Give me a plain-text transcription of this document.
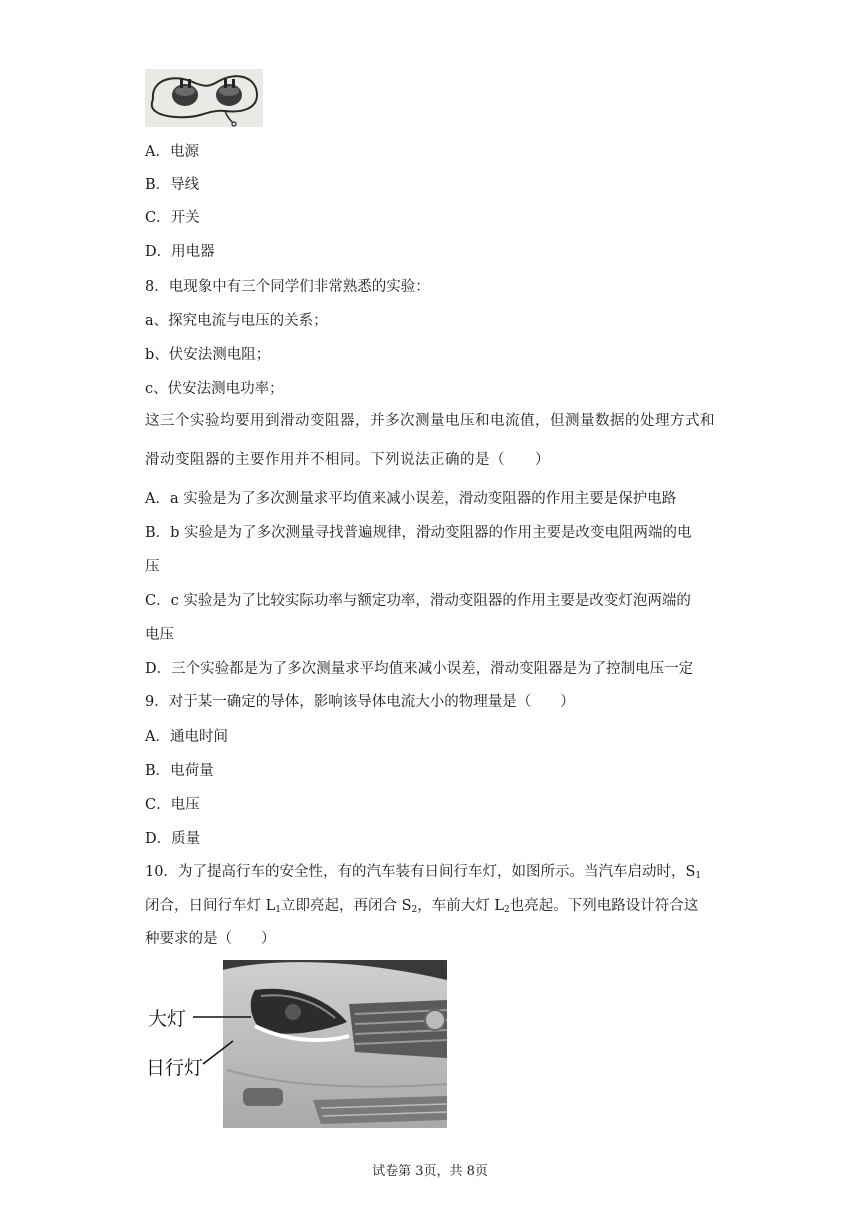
A．电源
B．导线
C．开关
D．用电器
8．电现象中有三个同学们非常熟悉的实验：
a、探究电流与电压的关系；
b、伏安法测电阻；
c、伏安法测电功率；
这三个实验均要用到滑动变阻器，并多次测量电压和电流值，但测量数据的处理方式和
滑动变阻器的主要作用并不相同。下列说法正确的是（　　）
A．a 实验是为了多次测量求平均值来减小误差，滑动变阻器的作用主要是保护电路
B．b 实验是为了多次测量寻找普遍规律，滑动变阻器的作用主要是改变电阻两端的电
压
C．c 实验是为了比较实际功率与额定功率，滑动变阻器的作用主要是改变灯泡两端的
电压
D．三个实验都是为了多次测量求平均值来减小误差，滑动变阻器是为了控制电压一定
9．对于某一确定的导体，影响该导体电流大小的物理量是（　　）
A．通电时间
B．电荷量
C．电压
D．质量
10．为了提高行车的安全性，有的汽车装有日间行车灯，如图所示。当汽车启动时，$S_1$
闭合，日间行车灯 $L_1$立即亮起，再闭合 $S_2$，车前大灯 $L_2$也亮起。下列电路设计符合这
种要求的是（　　）
大灯
日行灯
试卷第 3页，共 8页
